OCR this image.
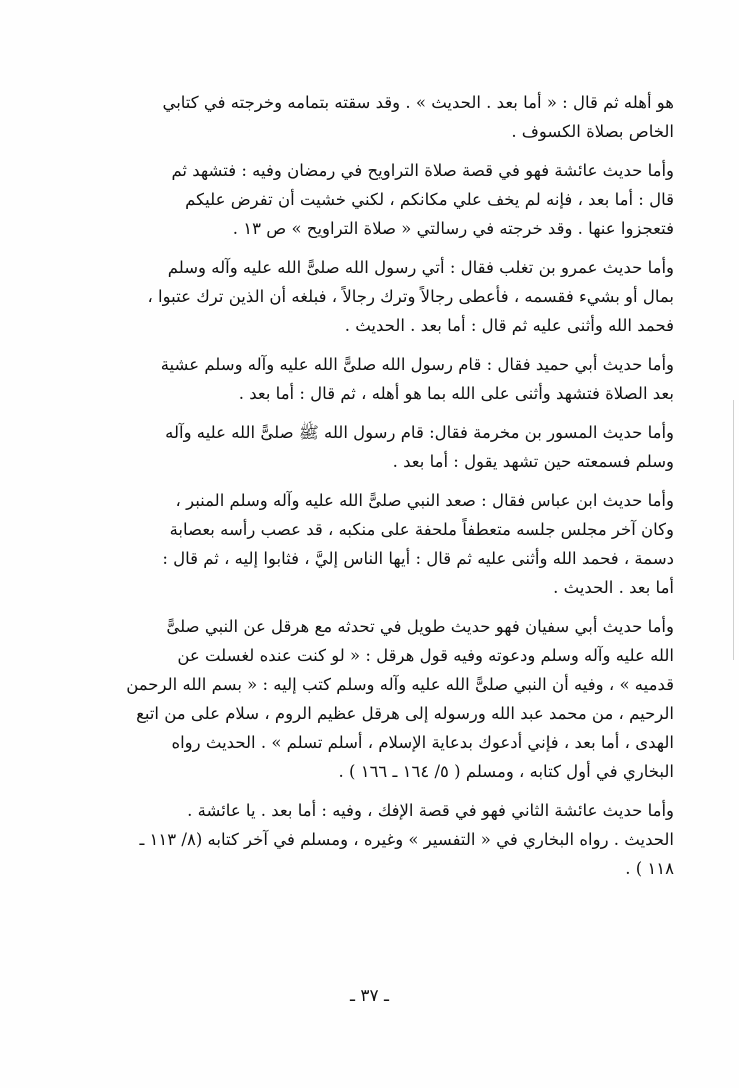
هو أهله ثم قال : « أما بعد . الحديث » . وقد سقته بتمامه وخرجته في كتابي
الخاص بصلاة الكسوف .
وأما حديث عائشة فهو في قصة صلاة التراويح في رمضان وفيه : فتشهد ثم
قال : أما بعد ، فإنه لم يخف علي مكانكم ، لكني خشيت أن تفرض عليكم
فتعجزوا عنها . وقد خرجته في رسالتي « صلاة التراويح » ص ١٣ .
وأما حديث عمرو بن تغلب فقال : أتي رسول الله صلىًّ الله عليه وآله وسلم
بمال أو بشيء فقسمه ، فأعطى رجالاً وترك رجالاً ، فبلغه أن الذين ترك عتبوا ،
فحمد الله وأثنى عليه ثم قال : أما بعد . الحديث .
وأما حديث أبي حميد فقال : قام رسول الله صلىًّ الله عليه وآله وسلم عشية
بعد الصلاة فتشهد وأثنى على الله بما هو أهله ، ثم قال : أما بعد .
وأما حديث المسور بن مخرمة فقال: قام رسول الله ﷺ صلىًّ الله عليه وآله
وسلم فسمعته حين تشهد يقول : أما بعد .
وأما حديث ابن عباس فقال : صعد النبي صلىًّ الله عليه وآله وسلم المنبر ،
وكان آخر مجلس جلسه متعطفاً ملحفة على منكبه ، قد عصب رأسه بعصابة
دسمة ، فحمد الله وأثنى عليه ثم قال : أيها الناس إليَّ ، فثابوا إليه ، ثم قال :
أما بعد . الحديث .
وأما حديث أبي سفيان فهو حديث طويل في تحدثه مع هرقل عن النبي صلىًّ
الله عليه وآله وسلم ودعوته وفيه قول هرقل : « لو كنت عنده لغسلت عن
قدميه » ، وفيه أن النبي صلىًّ الله عليه وآله وسلم كتب إليه : « بسم الله الرحمن
الرحيم ، من محمد عبد الله ورسوله إلى هرقل عظيم الروم ، سلام على من اتبع
الهدى ، أما بعد ، فإني أدعوك بدعاية الإسلام ، أسلم تسلم » . الحديث رواه
البخاري في أول كتابه ، ومسلم ( ٥/ ١٦٤ ـ ١٦٦ ) .
وأما حديث عائشة الثاني فهو في قصة الإفك ، وفيه : أما بعد . يا عائشة .
الحديث . رواه البخاري في « التفسير » وغيره ، ومسلم في آخر كتابه (٨/ ١١٣ ـ
١١٨ ) .
ـ ٣٧ ـ
